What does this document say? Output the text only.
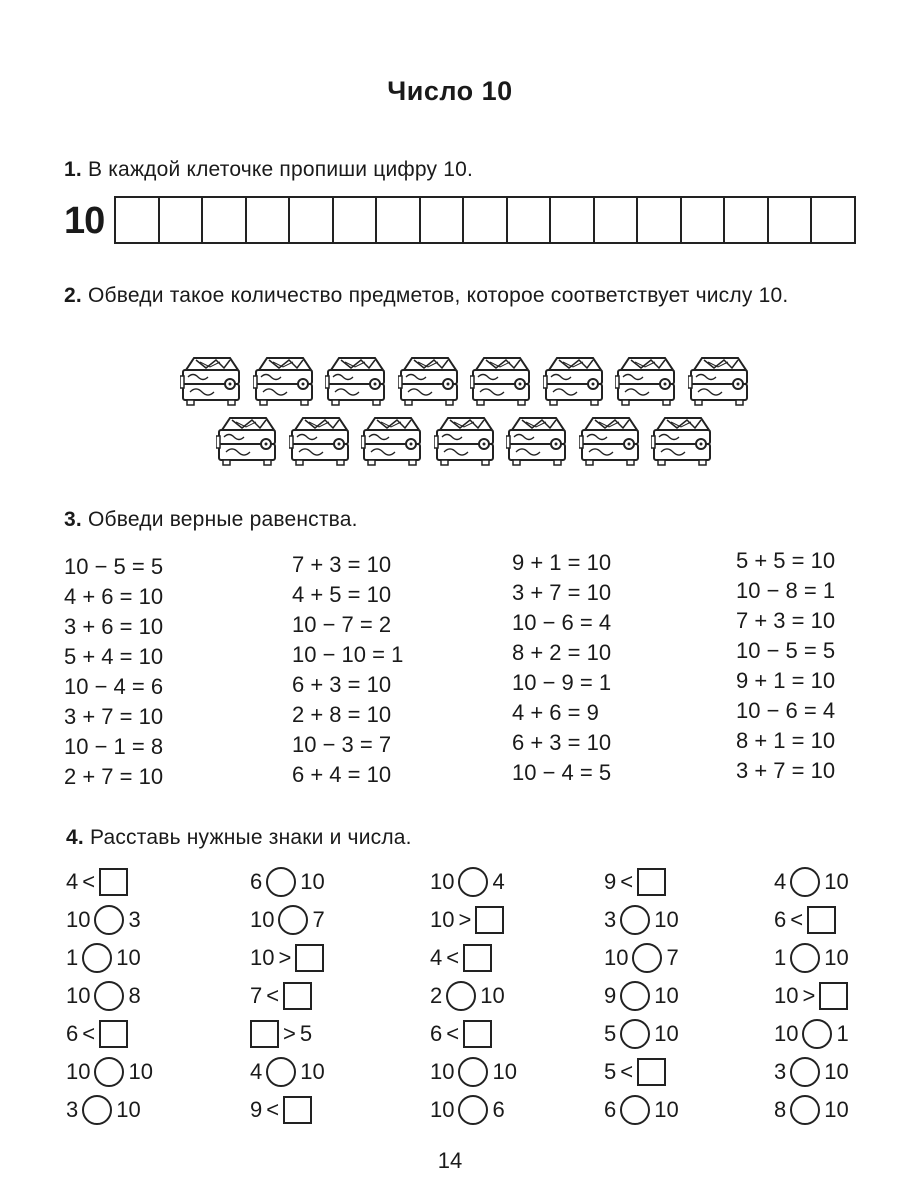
Число 10
1. В каждой клеточке пропиши цифру 10.
10
2. Обведи такое количество предметов, которое соответствует числу 10.
3. Обведи верные равенства.
10 − 5 = 5
4 + 6 = 10
3 + 6 = 10
5 + 4 = 10
10 − 4 = 6
3 + 7 = 10
10 − 1 = 8
2 + 7 = 10
7 + 3 = 10
4 + 5 = 10
10 − 7 = 2
10 − 10 = 1
6 + 3 = 10
2 + 8 = 10
10 − 3 = 7
6 + 4 = 10
9 + 1 = 10
3 + 7 = 10
10 − 6 = 4
8 + 2 = 10
10 − 9 = 1
4 + 6 = 9
6 + 3 = 10
10 − 4 = 5
5 + 5 = 10
10 − 8 = 1
7 + 3 = 10
10 − 5 = 5
9 + 1 = 10
10 − 6 = 4
8 + 1 = 10
3 + 7 = 10
4. Расставь нужные знаки и числа.
4 <
10 3
1 10
10 8
6 <
10 10
3 10
6 10
10 7
10 >
7 <
> 5
4 10
9 <
10 4
10 >
4 <
2 10
6 <
10 10
10 6
9 <
3 10
10 7
9 10
5 10
5 <
6 10
4 10
6 <
1 10
10 >
10 1
3 10
8 10
14
